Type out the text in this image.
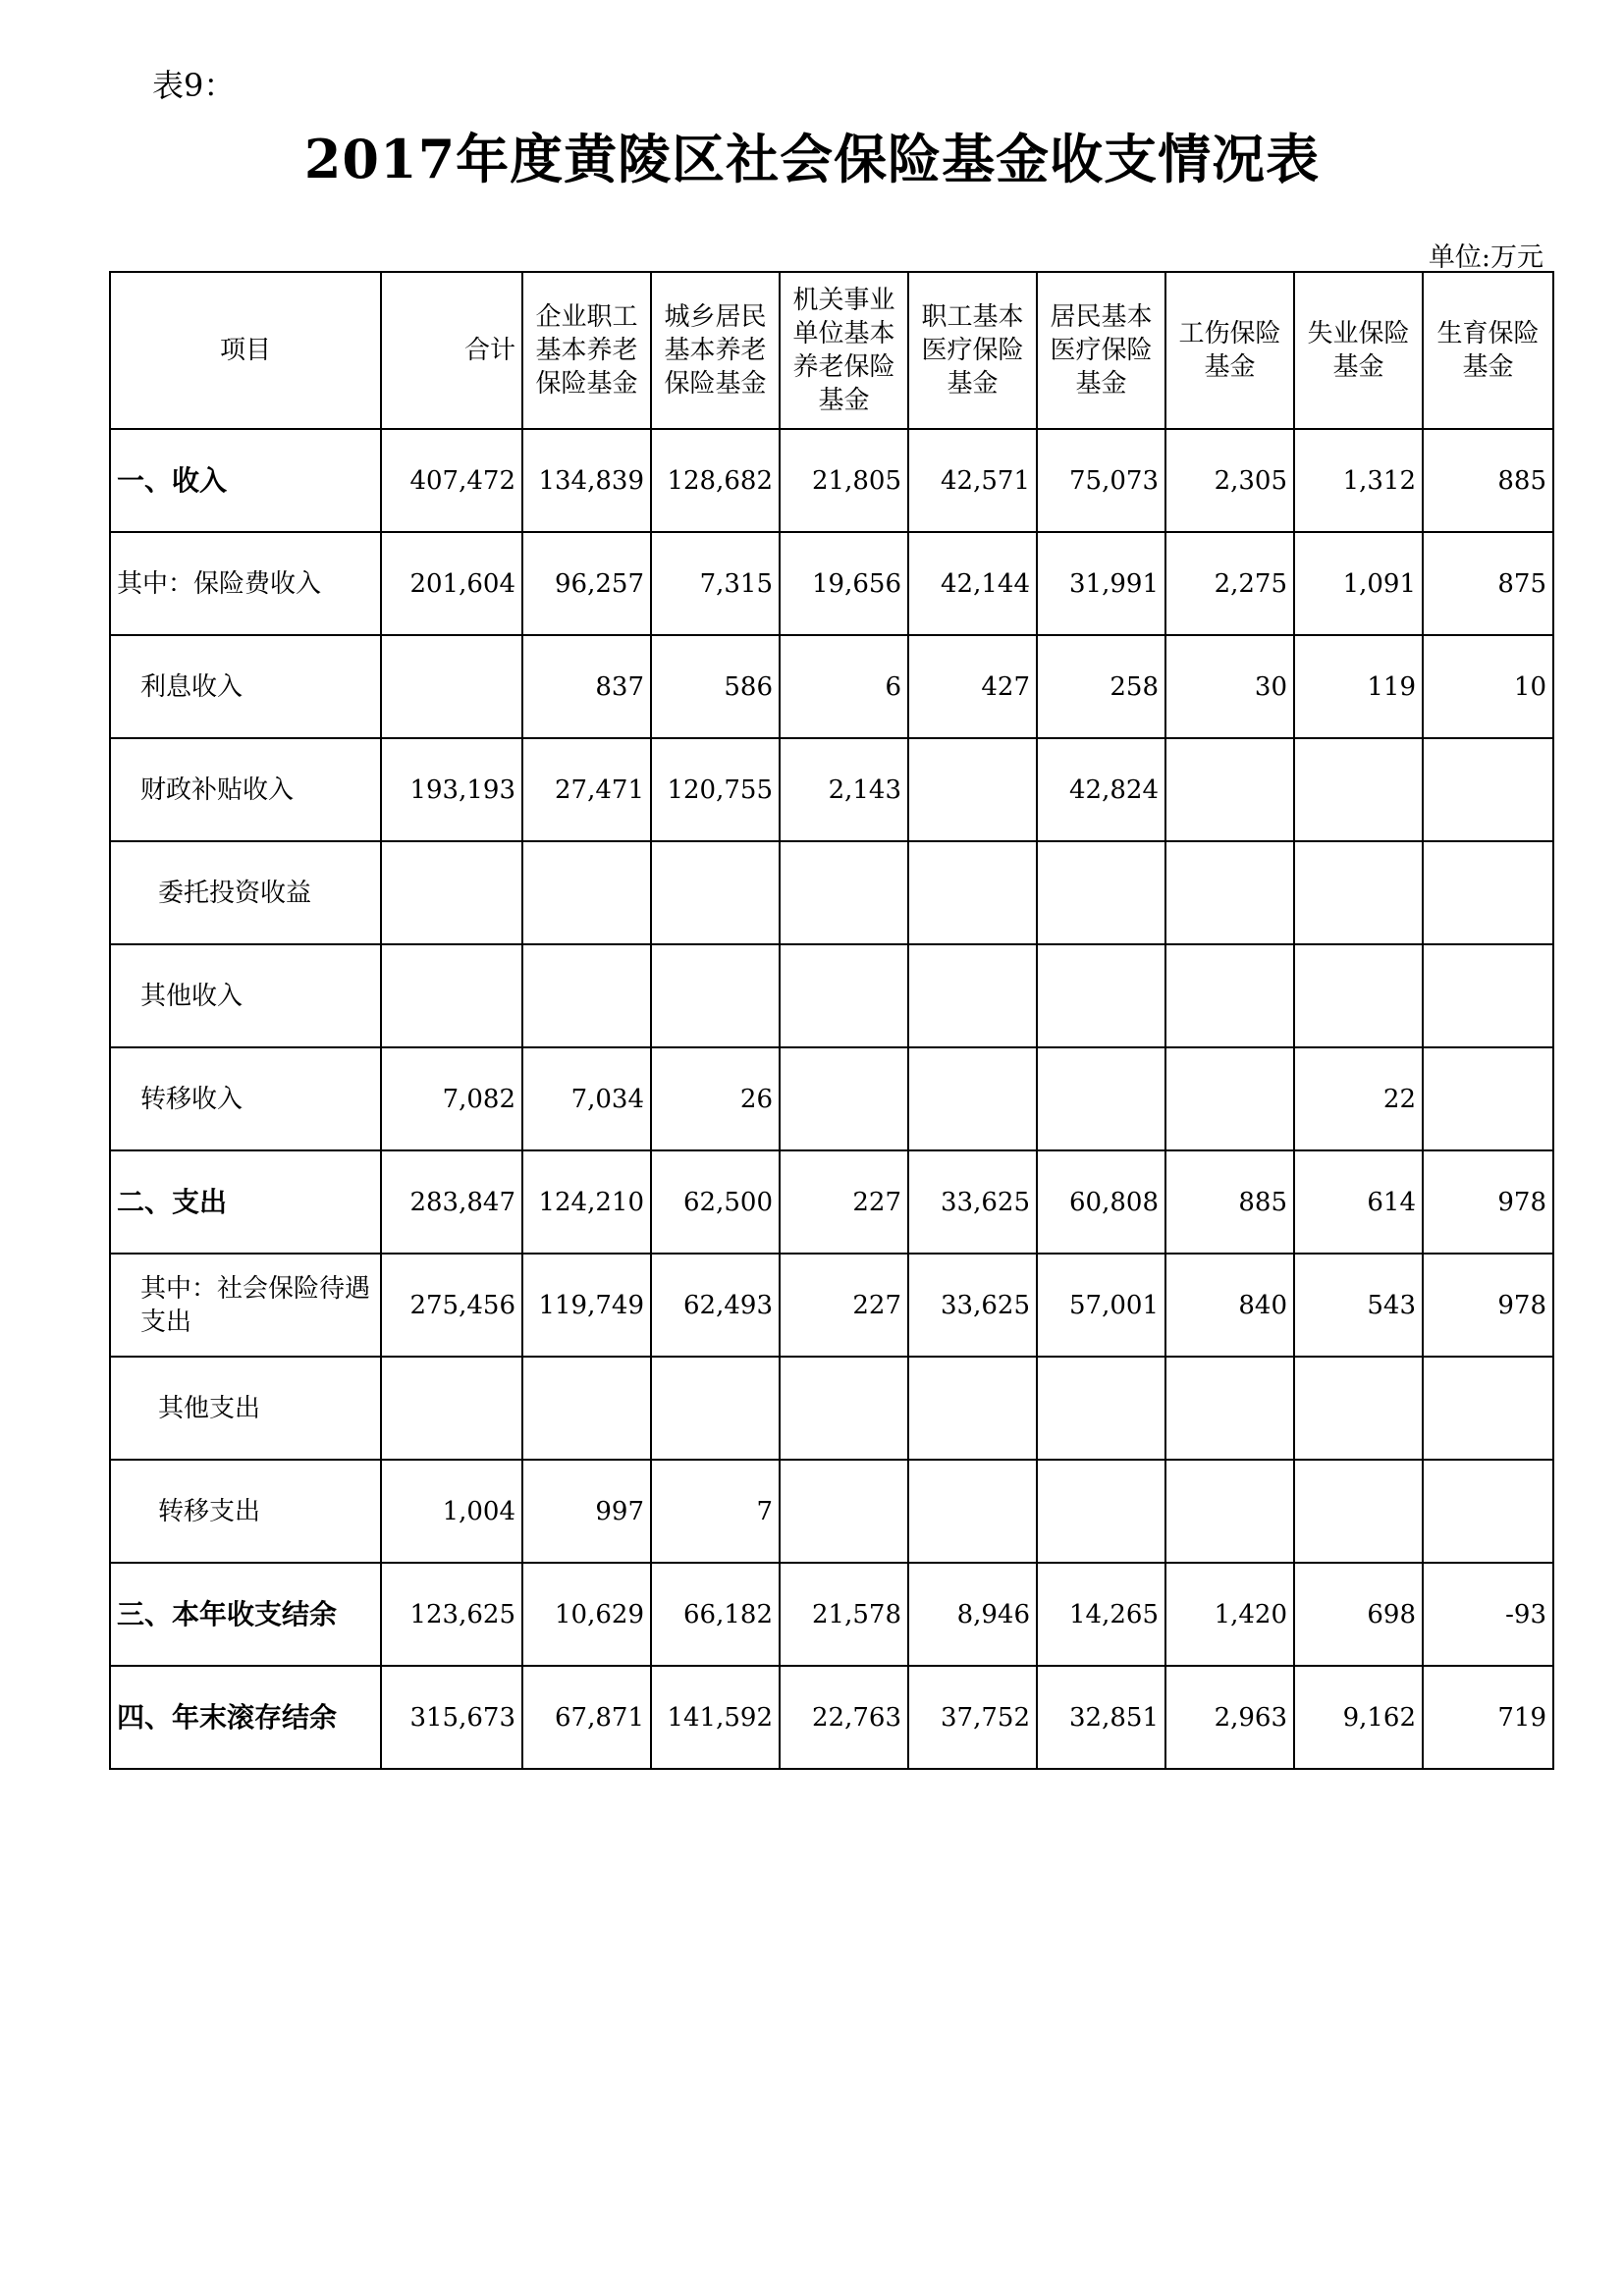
表9：
2017年度黄陵区社会保险基金收支情况表
单位:万元
项目	合计	企业职工基本养老保险基金	城乡居民基本养老保险基金	机关事业单位基本养老保险基金	职工基本医疗保险基金	居民基本医疗保险基金	工伤保险基金	失业保险基金	生育保险基金

一、收入	407,472	134,839	128,682	21,805	42,571	75,073	2,305	1,312	885
其中：保险费收入	201,604	96,257	7,315	19,656	42,144	31,991	2,275	1,091	875
利息收入		837	586	6	427	258	30	119	10
财政补贴收入	193,193	27,471	120,755	2,143		42,824			
委托投资收益									
其他收入									
转移收入	7,082	7,034	26					22	
二、支出	283,847	124,210	62,500	227	33,625	60,808	885	614	978
其中：社会保险待遇支出	275,456	119,749	62,493	227	33,625	57,001	840	543	978
其他支出									
转移支出	1,004	997	7						
三、本年收支结余	123,625	10,629	66,182	21,578	8,946	14,265	1,420	698	-93
四、年末滚存结余	315,673	67,871	141,592	22,763	37,752	32,851	2,963	9,162	719
